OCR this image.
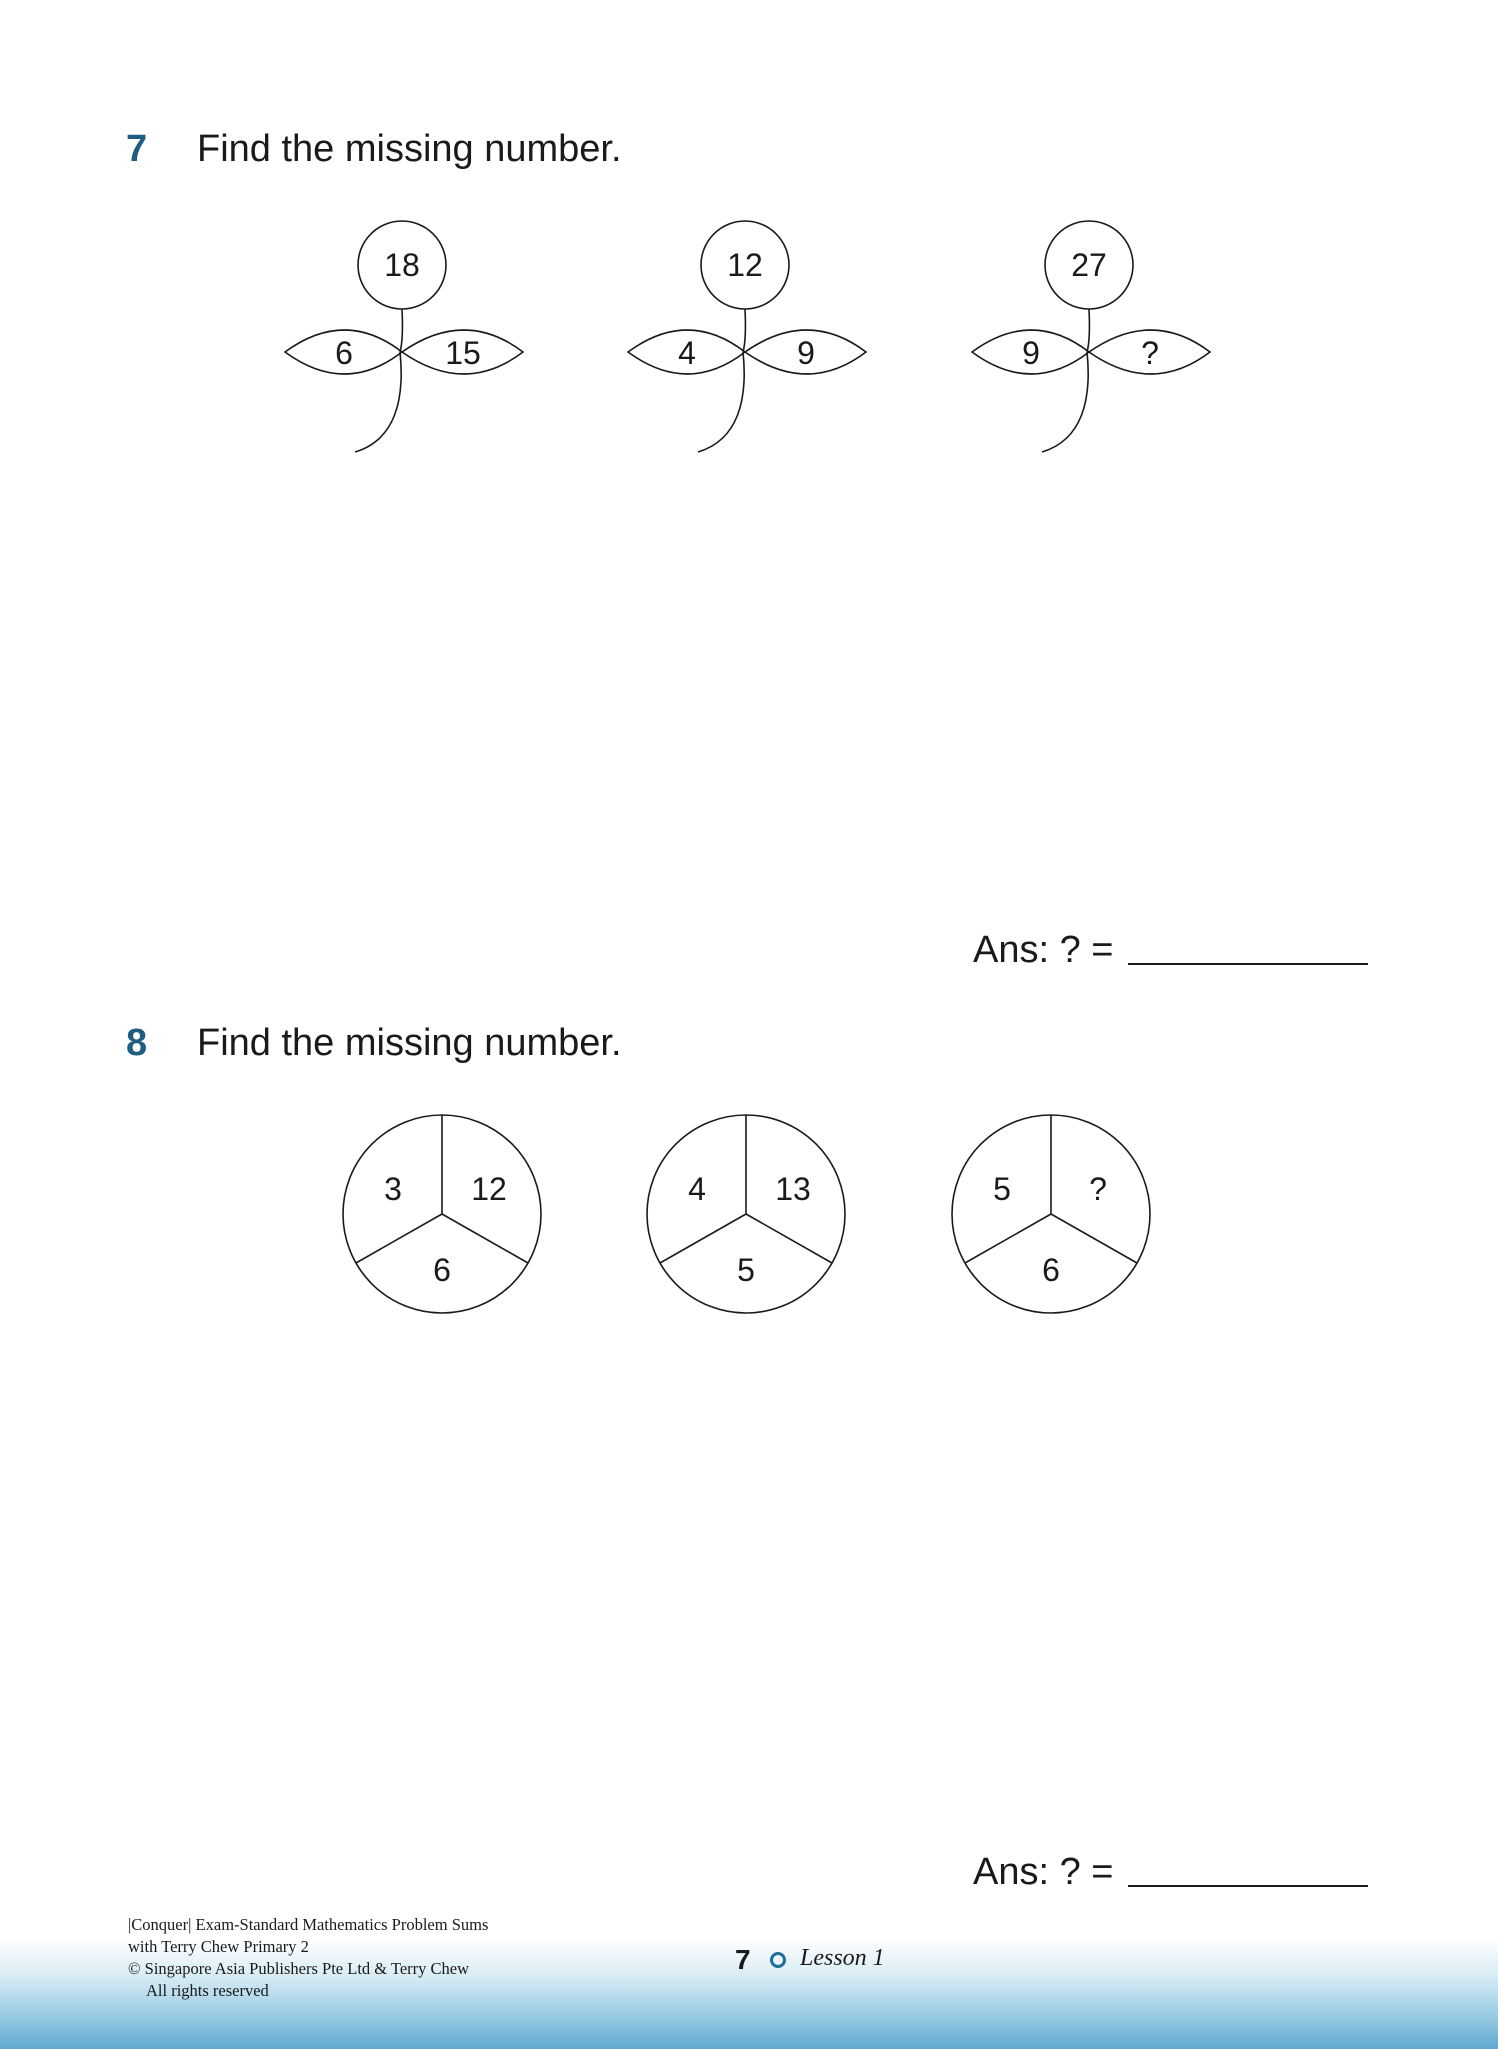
7 Find the missing number.
18
6	15
12
4	9
27
9	?
Ans: ? =
8 Find the missing number.
3 12
6
4 13
5
5 ?
6
Ans: ? =
|Conquer| Exam-Standard Mathematics Problem Sums
with Terry Chew Primary 2
© Singapore Asia Publishers Pte Ltd & Terry Chew
All rights reserved
7 Lesson 1
